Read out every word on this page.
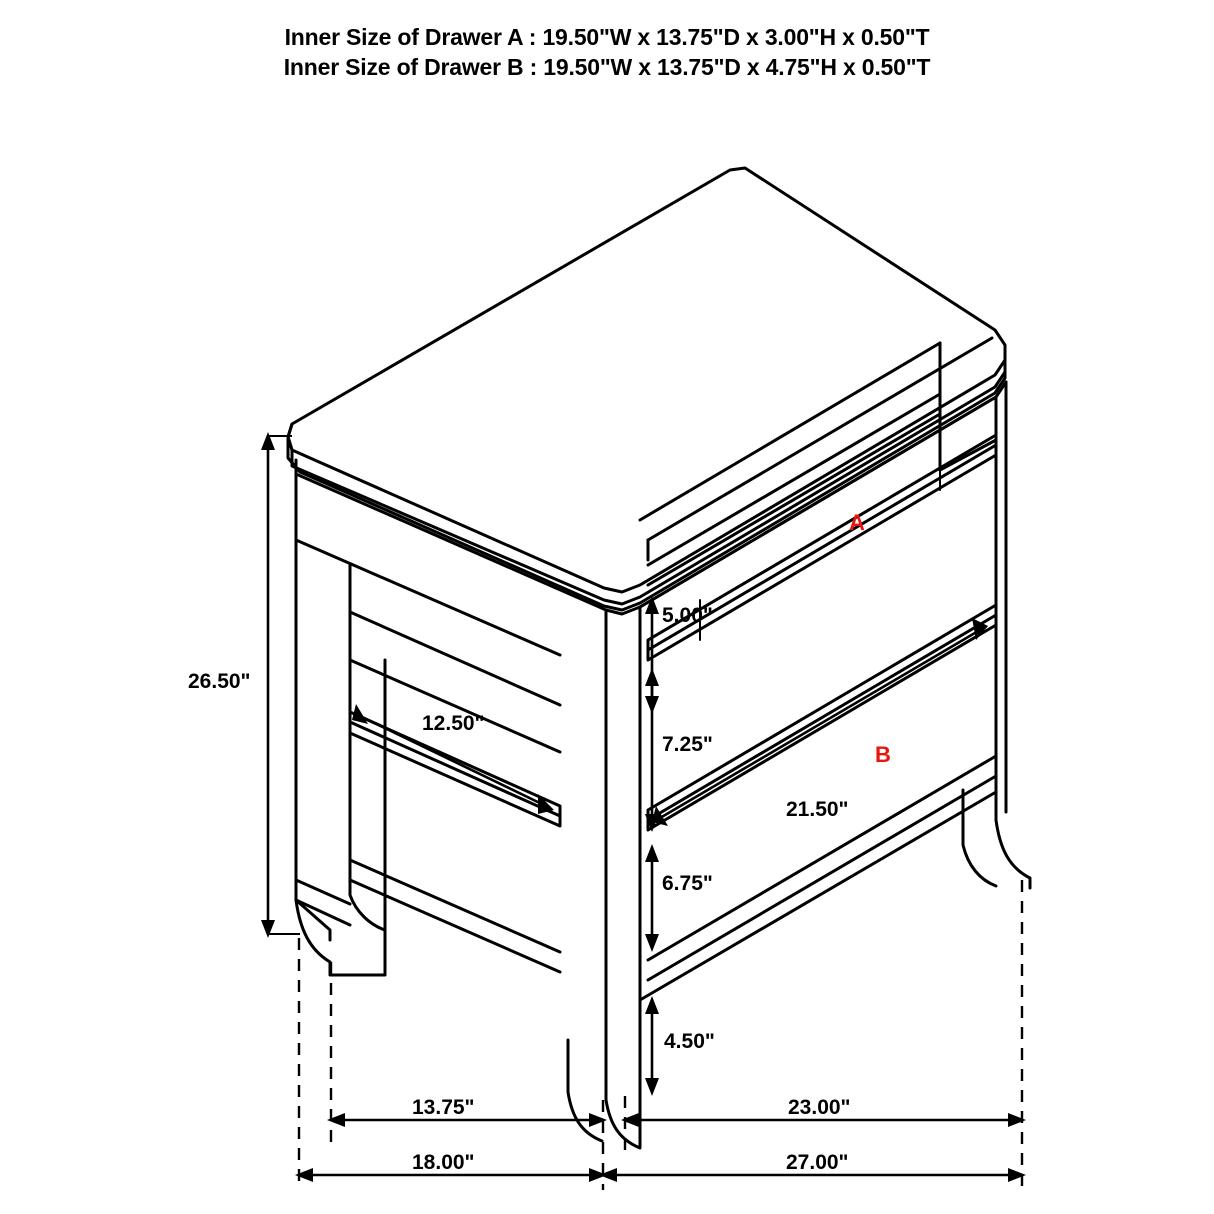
Inner Size of Drawer A : 19.50"W x 13.75"D x 3.00"H x 0.50"T
Inner Size of Drawer B : 19.50"W x 13.75"D x 4.75"H x 0.50"T
26.50"
5.00"
7.25"
6.75"
4.50"
12.50"
21.50"
13.75"	23.00"
18.00"	27.00"
A
B
